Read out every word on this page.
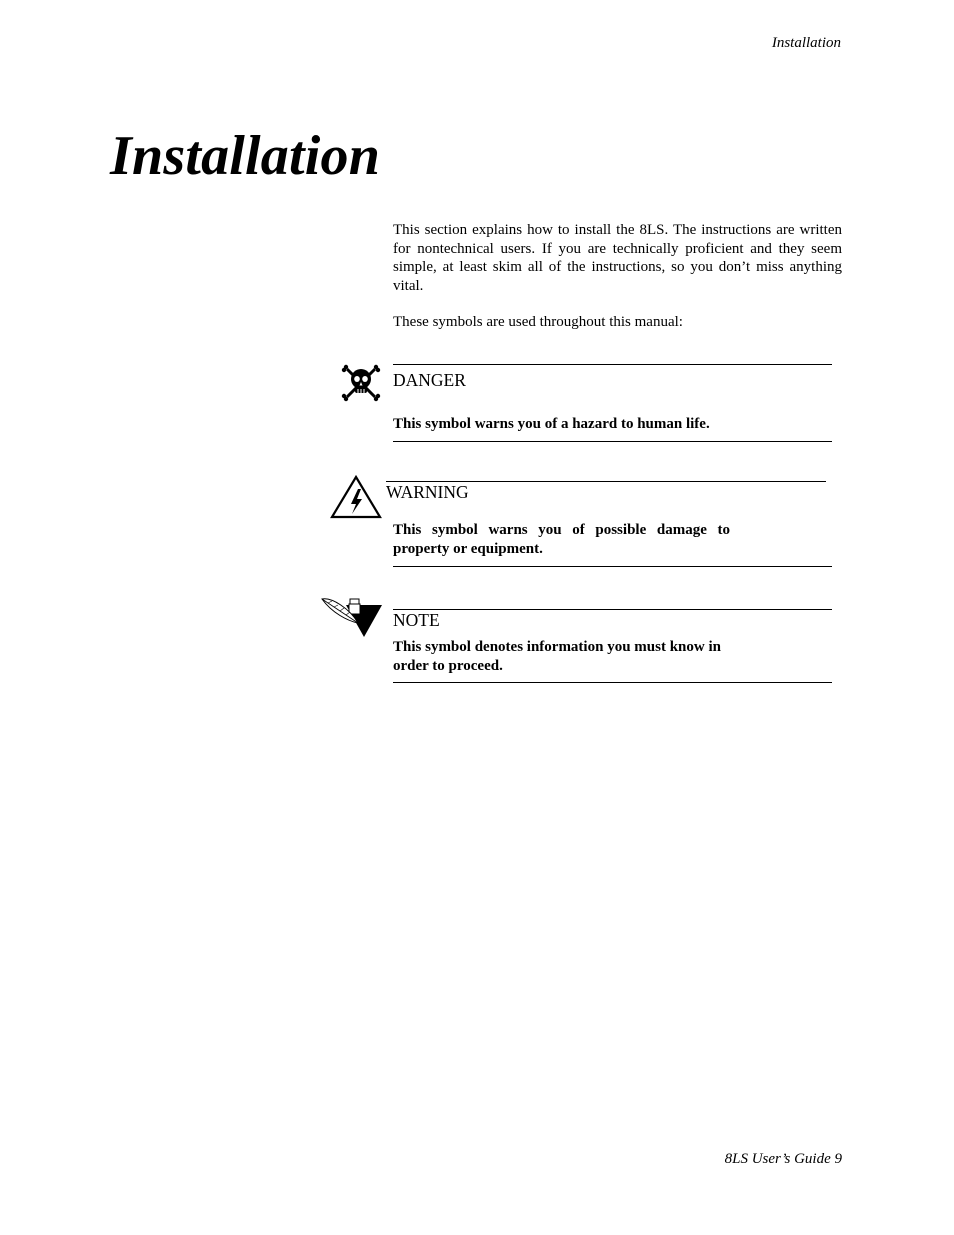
Installation
Installation

This section explains how to install the 8LS. The instructions are written for nontechnical users. If you are technically proficient and they seem simple, at least skim all of the instructions, so you don’t miss anything vital.

These symbols are used throughout this manual:

DANGER

This symbol warns you of a hazard to human life.

WARNING

This symbol warns you of possible damage to property or equipment.

NOTE

This symbol denotes information you must know in order to proceed.

8LS User’s Guide 9
